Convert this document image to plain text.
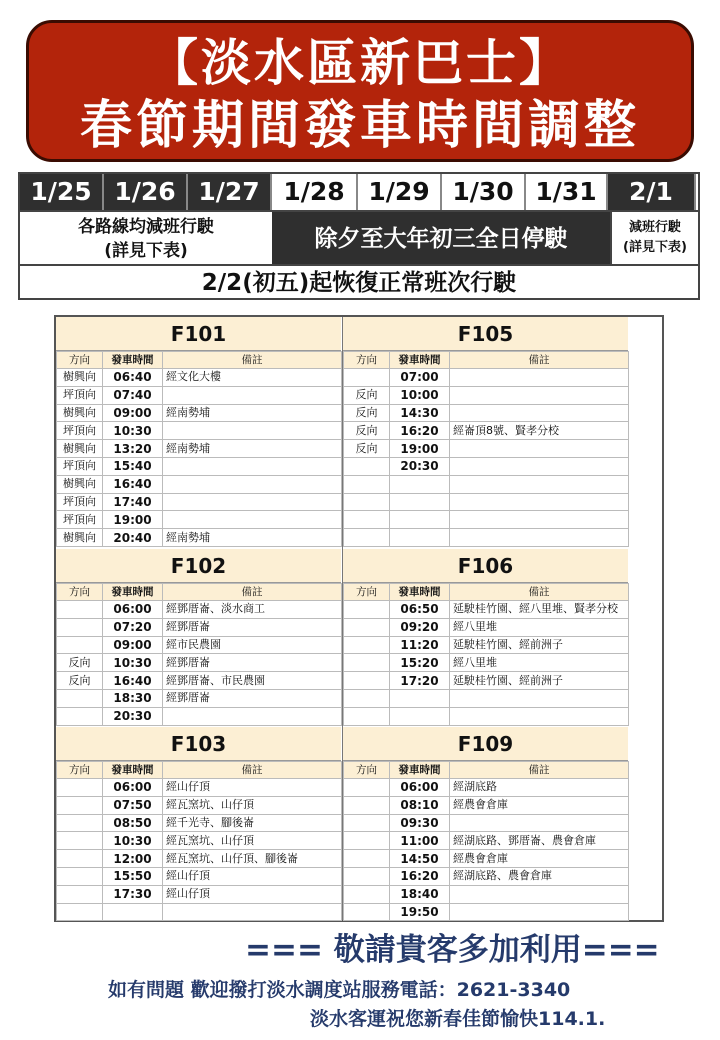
【淡水區新巴士】
春節期間發車時間調整
1/25 1/26 1/27 1/28 1/29 1/30 1/31	2/1
各路線均減班行駛
(詳見下表)	除夕至大年初三全日停駛	減班行駛
(詳見下表)
2/2(初五)起恢復正常班次行駛
F101
方向	發車時間	備註
樹興向	06:40	經文化大樓
坪頂向	07:40	
樹興向	09:00	經南勢埔
坪頂向	10:30	
樹興向	13:20	經南勢埔
坪頂向	15:40	
樹興向	16:40	
坪頂向	17:40	
坪頂向	19:00	
樹興向	20:40	經南勢埔
F105
方向	發車時間	備註
	07:00	
反向	10:00	
反向	14:30	
反向	16:20	經崙頂8號、賢孝分校
反向	19:00	
	20:30	

F102
方向	發車時間	備註
	06:00	經鄧厝崙、淡水商工
	07:20	經鄧厝崙
	09:00	經市民農園
反向	10:30	經鄧厝崙
反向	16:40	經鄧厝崙、市民農園
	18:30	經鄧厝崙
	20:30	
F106
方向	發車時間	備註
	06:50	延駛桂竹園、經八里堆、賢孝分校
	09:20	經八里堆
	11:20	延駛桂竹園、經前洲子
	15:20	經八里堆
	17:20	延駛桂竹園、經前洲子

F103
方向	發車時間	備註
	06:00	經山仔頂
	07:50	經瓦窯坑、山仔頂
	08:50	經千光寺、腳後崙
	10:30	經瓦窯坑、山仔頂
	12:00	經瓦窯坑、山仔頂、腳後崙
	15:50	經山仔頂
	17:30	經山仔頂

F109
方向	發車時間	備註
	06:00	經湖底路
	08:10	經農會倉庫
	09:30	
	11:00	經湖底路、鄧厝崙、農會倉庫
	14:50	經農會倉庫
	16:20	經湖底路、農會倉庫
	18:40	
	19:50	
=== 敬請貴客多加利用===
如有問題 歡迎撥打淡水調度站服務電話：2621-3340
淡水客運祝您新春佳節愉快114.1.
